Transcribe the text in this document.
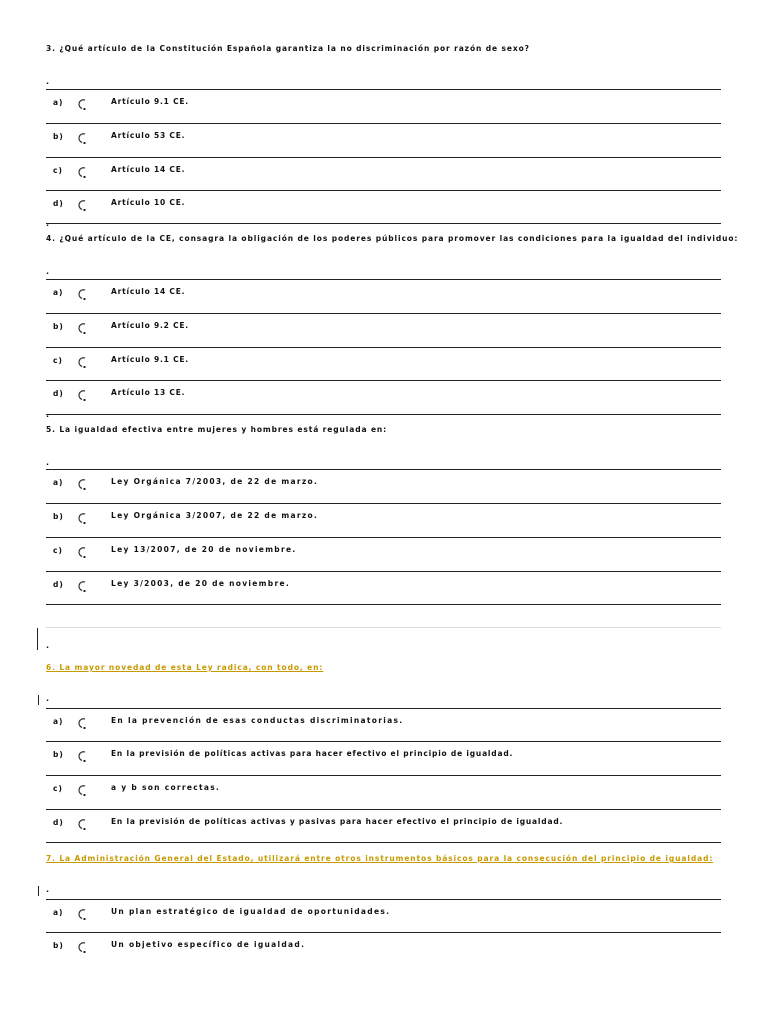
3. ¿Qué artículo de la Constitución Española garantiza la no discriminación por razón de sexo?
.
a)	Artículo 9.1 CE.
b)	Artículo 53 CE.
c)	Artículo 14 CE.
d)	Artículo 10 CE.
.
4. ¿Qué artículo de la CE, consagra la obligación de los poderes públicos para promover las condiciones para la igualdad del individuo:
.
a)	Artículo 14 CE.
b)	Artículo 9.2 CE.
c)	Artículo 9.1 CE.
d)	Artículo 13 CE.
.
5. La igualdad efectiva entre mujeres y hombres está regulada en:
.
a)	Ley Orgánica 7/2003, de 22 de marzo.
b)	Ley Orgánica 3/2007, de 22 de marzo.
c)	Ley 13/2007, de 20 de noviembre.
d)	Ley 3/2003, de 20 de noviembre.
.
6. La mayor novedad de esta Ley radica, con todo, en:
.
a)	En la prevención de esas conductas discriminatorias.
b)	En la previsión de políticas activas para hacer efectivo el principio de igualdad.
c)	a y b son correctas.
d)	En la previsión de políticas activas y pasivas para hacer efectivo el principio de igualdad.
7. La Administración General del Estado, utilizará entre otros instrumentos básicos para la consecución del principio de igualdad:
.
a)	Un plan estratégico de igualdad de oportunidades.
b)	Un objetivo específico de igualdad.
